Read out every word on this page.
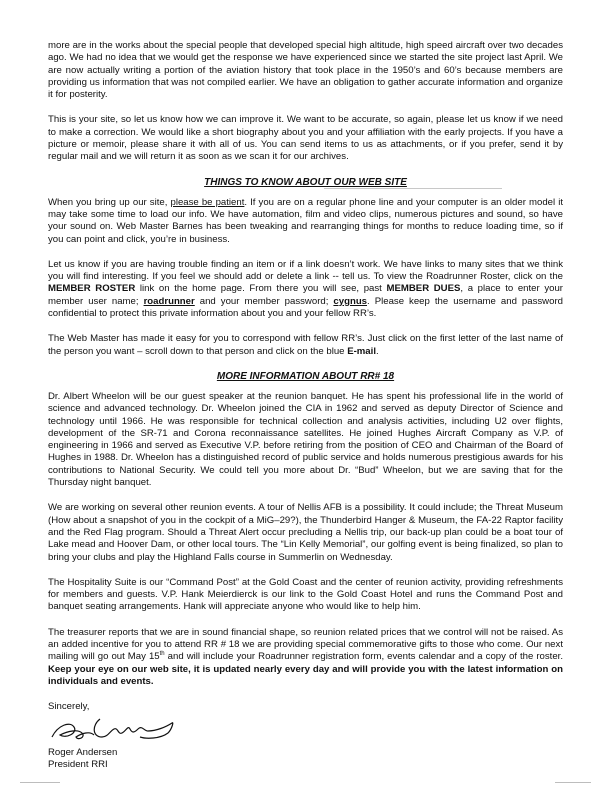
more are in the works about the special people that developed special high altitude, high speed aircraft over two decades ago. We had no idea that we would get the response we have experienced since we started the site project last April. We are now actually writing a portion of the aviation history that took place in the 1950’s and 60’s because members are providing us information that was not compiled earlier. We have an obligation to gather accurate information and organize it for posterity.

This is your site, so let us know how we can improve it. We want to be accurate, so again, please let us know if we need to make a correction. We would like a short biography about you and your affiliation with the early projects. If you have a picture or memoir, please share it with all of us. You can send items to us as attachments, or if you prefer, send it by regular mail and we will return it as soon as we scan it for our archives.

THINGS TO KNOW ABOUT OUR WEB SITE

When you bring up our site, please be patient. If you are on a regular phone line and your computer is an older model it may take some time to load our info. We have automation, film and video clips, numerous pictures and sound, so have your sound on. Web Master Barnes has been tweaking and rearranging things for months to reduce loading time, so if you can point and click, you’re in business.

Let us know if you are having trouble finding an item or if a link doesn’t work. We have links to many sites that we think you will find interesting. If you feel we should add or delete a link -- tell us. To view the Roadrunner Roster, click on the MEMBER ROSTER link on the home page. From there you will see, past MEMBER DUES, a place to enter your member user name; roadrunner and your member password; cygnus. Please keep the username and password confidential to protect this private information about you and your fellow RR’s.

The Web Master has made it easy for you to correspond with fellow RR’s. Just click on the first letter of the last name of the person you want – scroll down to that person and click on the blue E-mail.

MORE INFORMATION ABOUT RR# 18

Dr. Albert Wheelon will be our guest speaker at the reunion banquet. He has spent his professional life in the world of science and advanced technology. Dr. Wheelon joined the CIA in 1962 and served as deputy Director of Science and technology until 1966. He was responsible for technical collection and analysis activities, including U2 over flights, development of the SR-71 and Corona reconnaissance satellites. He joined Hughes Aircraft Company as V.P. of engineering in 1966 and served as Executive V.P. before retiring from the position of CEO and Chairman of the Board of Hughes in 1988. Dr. Wheelon has a distinguished record of public service and holds numerous prestigious awards for his contributions to National Security. We could tell you more about Dr. “Bud” Wheelon, but we are saving that for the Thursday night banquet.

We are working on several other reunion events. A tour of Nellis AFB is a possibility. It could include; the Threat Museum (How about a snapshot of you in the cockpit of a MiG–29?), the Thunderbird Hanger & Museum, the FA-22 Raptor facility and the Red Flag program. Should a Threat Alert occur precluding a Nellis trip, our back-up plan could be a boat tour of Lake mead and Hoover Dam, or other local tours. The “Lin Kelly Memorial”, our golfing event is being finalized, so plan to bring your clubs and play the Highland Falls course in Summerlin on Wednesday.

The Hospitality Suite is our “Command Post” at the Gold Coast and the center of reunion activity, providing refreshments for members and guests. V.P. Hank Meierdierck is our link to the Gold Coast Hotel and runs the Command Post and banquet seating arrangements. Hank will appreciate anyone who would like to help him.

The treasurer reports that we are in sound financial shape, so reunion related prices that we control will not be raised. As an added incentive for you to attend RR # 18 we are providing special commemorative gifts to those who come. Our next mailing will go out May 15th and will include your Roadrunner registration form, events calendar and a copy of the roster. Keep your eye on our web site, it is updated nearly every day and will provide you with the latest information on individuals and events.

Sincerely,
Roger Andersen
President RRI
